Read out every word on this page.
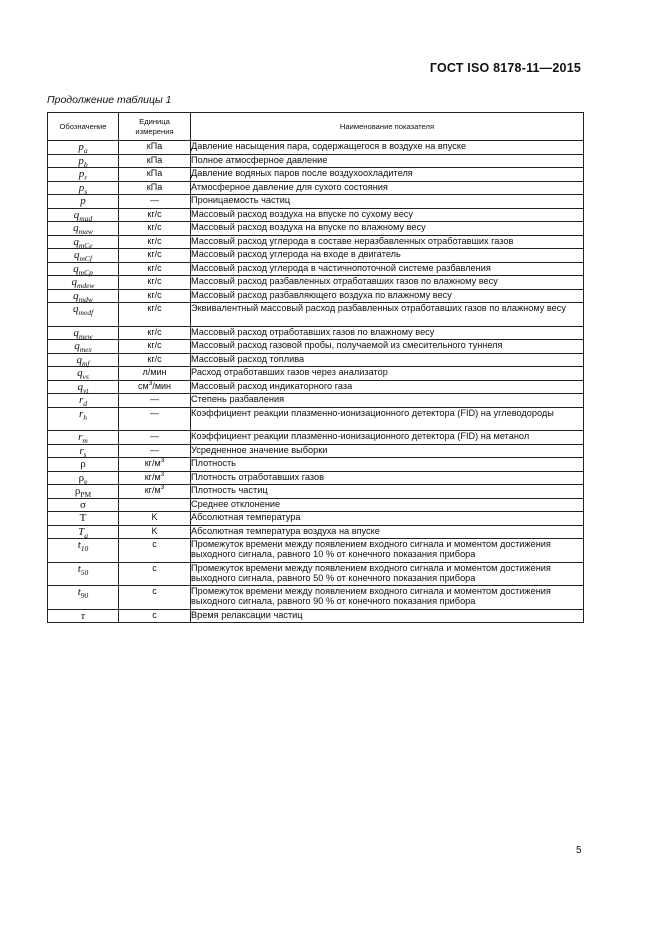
ГОСТ ISO 8178-11—2015
Продолжение таблицы 1
Обозначение	Единица измерения	Наименование показателя
$p_a$	кПа	Давление насыщения пара, содержащегося в воздухе на впуске
$p_b$	кПа	Полное атмосферное давление
$p_r$	кПа	Давление водяных паров после воздухоохладителя
$p_s$	кПа	Атмосферное давление для сухого состояния
p	—	Проницаемость частиц
$q_{mad}$	кг/с	Массовый расход воздуха на впуске по сухому весу
$q_{maw}$	кг/с	Массовый расход воздуха на впуске по влажному весу
$q_{mCe}$	кг/с	Массовый расход углерода в составе неразбавленных отработавших газов
$q_{mCf}$	кг/с	Массовый расход углерода на входе в двигатель
$q_{mCp}$	кг/с	Массовый расход углерода в частичнопоточной системе разбавления
$q_{mdew}$	кг/с	Массовый расход разбавленных отработавших газов по влажному весу
$q_{mdw}$	кг/с	Массовый расход разбавляющего воздуха по влажному весу
$q_{medf}$	кг/с	Эквивалентный массовый расход разбавленных отработавших газов по влажному весу
$q_{mew}$	кг/с	Массовый расход отработавших газов по влажному весу
$q_{mex}$	кг/с	Массовый расход газовой пробы, получаемой из смесительного туннеля
$q_{mf}$	кг/с	Массовый расход топлива
$q_{vs}$	л/мин	Расход отработавших газов через анализатор
$q_{vt}$	$см^3$/мин	Массовый расход индикаторного газа
$r_d$	—	Степень разбавления
$r_h$	—	Коэффициент реакции плазменно-ионизационного детектора (FID) на углеводороды
$r_m$	—	Коэффициент реакции плазменно-ионизационного детектора (FID) на метанол
$r_s$	—	Усредненное значение выборки
ρ	$кг/м^3$	Плотность
$\rho_e$	$кг/м^3$	Плотность отработавших газов
$\rho_{PM}$	$кг/м^3$	Плотность частиц
σ		Среднее отклонение
T	K	Абсолютная температура
$T_a$	K	Абсолютная температура воздуха на впуске
$t_{10}$	с	Промежуток времени между появлением входного сигнала и моментом достижения выходного сигнала, равного 10 % от конечного показания прибора
$t_{50}$	с	Промежуток времени между появлением входного сигнала и моментом достижения выходного сигнала, равного 50 % от конечного показания прибора
$t_{90}$	с	Промежуток времени между появлением входного сигнала и моментом достижения выходного сигнала, равного 90 % от конечного показания прибора
τ	с	Время релаксации частиц
5
